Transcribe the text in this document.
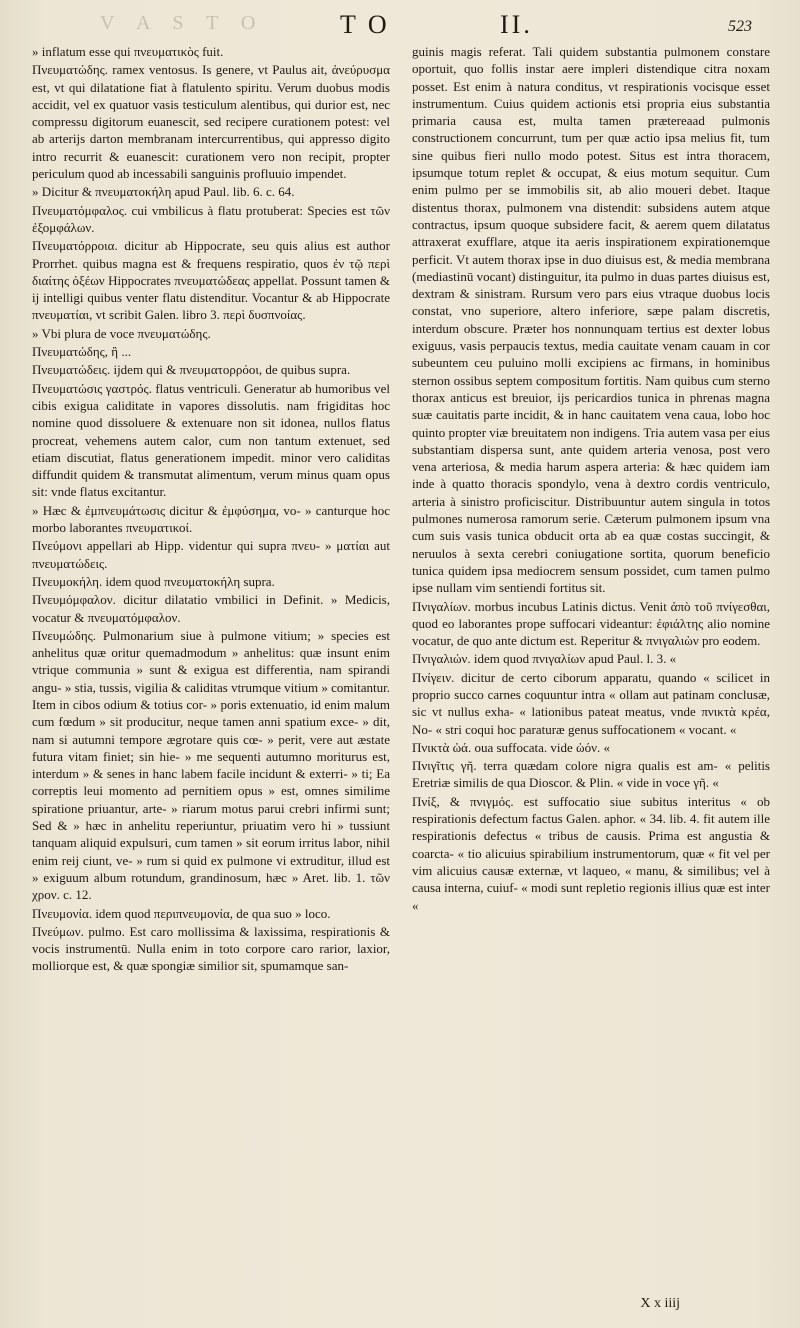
V A S T O	T O	II.	523

» inflatum esse qui πνευματικὸς fuit.

Πνευματώδης. ramex ventosus. Is genere, vt Paulus ait, ἀνεύρυσμα est, vt qui dilatatione fiat à flatulento spiritu. Verum duobus modis accidit, vel ex quatuor vasis testiculum alentibus, qui durior est, nec compressu digitorum euanescit, sed recipere curationem potest: vel ab arterijs darton membranam intercurrentibus, qui appresso digito intro recurrit & euanescit: curationem vero non recipit, propter periculum quod ab incessabili sanguinis profluuio impendet.

» Dicitur & πνευματοκήλη apud Paul. lib. 6. c. 64.

Πνευματόμφαλος. cui vmbilicus à flatu protuberat: Species est τῶν ἐξομφάλων.

Πνευματόρροια. dicitur ab Hippocrate, seu quis alius est author Prorrhet. quibus magna est & frequens respiratio, quos ἐν τῷ περὶ διαίτης ὀξέων Hippocrates πνευματώδεας appellat. Possunt tamen & ij intelligi quibus venter flatu distenditur. Vocantur & ab Hippocrate πνευματίαι, vt scribit Galen. libro 3. περὶ δυσπνοίας.

» Vbi plura de voce πνευματώδης.

Πνευματώδης, ἢ ...

Πνευματώδεις. ijdem qui & πνευματορρόοι, de quibus supra.

Πνευματώσις γαστρός. flatus ventriculi. Generatur ab humoribus vel cibis exigua caliditate in vapores dissolutis. nam frigiditas hoc nomine quod dissoluere & extenuare non sit idonea, nullos flatus procreat, vehemens autem calor, cum non tantum extenuet, sed etiam discutiat, flatus generationem impedit. minor vero caliditas diffundit quidem & transmutat alimentum, verum minus quam opus sit: vnde flatus excitantur.

» Hæc & ἐμπνευμάτωσις dicitur & ἐμφύσημα, vo- » canturque hoc morbo laborantes πνευματικοί.

Πνεύμονι appellari ab Hipp. videntur qui supra πνευ- » ματίαι aut πνευματώδεις.

Πνευμοκήλη. idem quod πνευματοκήλη supra.

Πνευμόμφαλον. dicitur dilatatio vmbilici in Definit. » Medicis, vocatur & πνευματόμφαλον.

Πνευμώδης. Pulmonarium siue à pulmone vitium; » species est anhelitus quæ oritur quemadmodum » anhelitus: quæ insunt enim vtrique communia » sunt & exigua est differentia, nam spirandi angu- » stia, tussis, vigilia & caliditas vtrumque vitium » comitantur. Item in cibos odium & totius cor- » poris extenuatio, id enim malum cum fœdum » sit producitur, neque tamen anni spatium exce- » dit, nam si autumni tempore ægrotare quis cœ- » perit, vere aut æstate futura vitam finiet; sin hie- » me sequenti autumno moriturus est, interdum » & senes in hanc labem facile incidunt & exterri- » ti; Ea correptis leui momento ad pernitiem opus » est, omnes similime spiratione priuantur, arte- » riarum motus parui crebri infirmi sunt; Sed & » hæc in anhelitu reperiuntur, priuatim vero hi » tussiunt tanquam aliquid expulsuri, cum tamen » sit eorum irritus labor, nihil enim reij ciunt, ve- » rum si quid ex pulmone vi extruditur, illud est » exiguum album rotundum, grandinosum, hæc » Aret. lib. 1. τῶν χρον. c. 12.

Πνευμονία. idem quod περιπνευμονία, de qua suo » loco.

Πνεύμων. pulmo. Est caro mollissima & laxissima, respirationis & vocis instrumentū. Nulla enim in toto corpore caro rarior, laxior, molliorque est, & quæ spongiæ similior sit, spumamque san-

guinis magis referat. Tali quidem substantia pulmonem constare oportuit, quo follis instar aere impleri distendique citra noxam posset. Est enim à natura conditus, vt respirationis vocisque esset instrumentum. Cuius quidem actionis etsi propria eius substantia primaria causa est, multa tamen prætereaad pulmonis constructionem concurrunt, tum per quæ actio ipsa melius fit, tum sine quibus fieri nullo modo potest. Situs est intra thoracem, ipsumque totum replet & occupat, & eius motum sequitur. Cum enim pulmo per se immobilis sit, ab alio moueri debet. Itaque distentus thorax, pulmonem vna distendit: subsidens autem atque contractus, ipsum quoque subsidere facit, & aerem quem dilatatus attraxerat exufflare, atque ita aeris inspirationem expirationemque perficit. Vt autem thorax ipse in duo diuisus est, & media membrana (mediastinū vocant) distinguitur, ita pulmo in duas partes diuisus est, dextram & sinistram. Rursum vero pars eius vtraque duobus locis constat, vno superiore, altero inferiore, sæpe palam discretis, interdum obscure. Præter hos nonnunquam tertius est dexter lobus exiguus, vasis perpaucis textus, media cauitate venam cauam in cor subeuntem ceu puluino molli excipiens ac firmans, in hominibus sternon ossibus septem compositum fortitis. Nam quibus cum sterno thorax anticus est breuior, ijs pericardios tunica in phrenas magna suæ cauitatis parte incidit, & in hanc cauitatem vena caua, lobo hoc quinto propter viæ breuitatem non indigens. Tria autem vasa per eius substantiam dispersa sunt, ante quidem arteria venosa, post vero vena arteriosa, & media harum aspera arteria: & hæc quidem iam inde à quatto thoracis spondylo, vena à dextro cordis ventriculo, arteria à sinistro proficiscitur. Distribuuntur autem singula in totos pulmones numerosa ramorum serie. Cæterum pulmonem ipsum vna cum suis vasis tunica obducit orta ab ea quæ costas succingit, & neruulos à sexta cerebri coniugatione sortita, quorum beneficio tunica quidem ipsa mediocrem sensum possidet, cum tamen pulmo ipse nullam vim sentiendi fortitus sit.

Πνιγαλίων. morbus incubus Latinis dictus. Venit ἀπὸ τοῦ πνίγεσθαι, quod eo laborantes prope suffocari videantur: ἐφιάλτης alio nomine vocatur, de quo ante dictum est. Reperitur & πνιγαλιὼν pro eodem.

Πνιγαλιών. idem quod πνιγαλίων apud Paul. l. 3. «

Πνίγειν. dicitur de certo ciborum apparatu, quando « scilicet in proprio succo carnes coquuntur intra « ollam aut patinam conclusæ, sic vt nullus exha- « lationibus pateat meatus, vnde πνικτὰ κρέα, No- « stri coqui hoc paraturæ genus suffocationem « vocant. «

Πνικτὰ ὠά. oua suffocata. vide ὠόν. «

Πνιγῖτις γῆ. terra quædam colore nigra qualis est am- « pelitis Eretriæ similis de qua Dioscor. & Plin. « vide in voce γῆ. «

Πνίξ, & πνιγμός. est suffocatio siue subitus interitus « ob respirationis defectum factus Galen. aphor. « 34. lib. 4. fit autem ille respirationis defectus « tribus de causis. Prima est angustia & coarcta- « tio alicuius spirabilium instrumentorum, quæ « fit vel per vim alicuius causæ externæ, vt laqueo, « manu, & similibus; vel à causa interna, cuiuf- « modi sunt repletio regionis illius quæ est inter «

X x iiij
